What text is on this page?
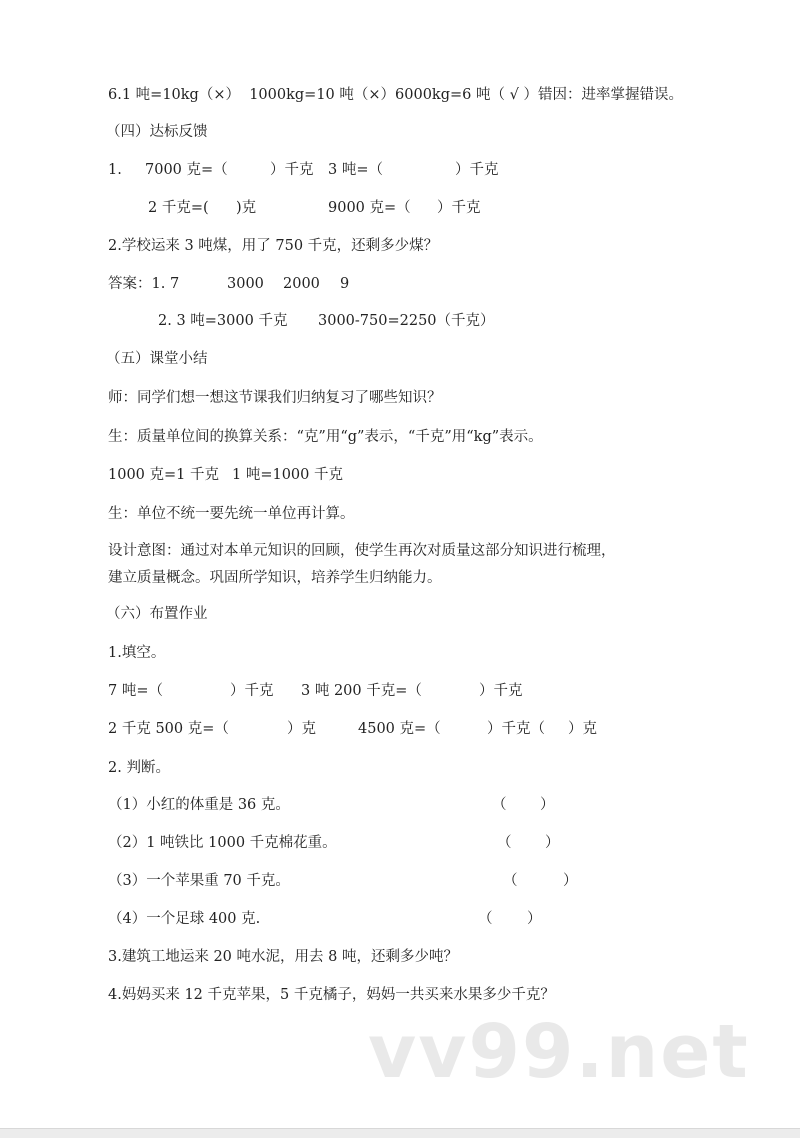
6.1 吨=10kg（×）  1000kg=10 吨（×）6000kg=6 吨（ √ ）错因：进率掌握错误。
（四）达标反馈
1. 7000 克=（	）千克 3 吨=（	）千克
2 千克=( )克	9000 克=（ ）千克
2.学校运来 3 吨煤，用了 750 千克，还剩多少煤？
答案：1. 7	3000 2000 9
2. 3 吨=3000 千克 3000-750=2250（千克）
（五）课堂小结
师：同学们想一想这节课我们归纳复习了哪些知识？
生：质量单位间的换算关系：“克”用“g”表示，“千克”用“kg”表示。
1000 克=1 千克 1 吨=1000 千克
生：单位不统一要先统一单位再计算。
设计意图：通过对本单元知识的回顾，使学生再次对质量这部分知识进行梳理，
建立质量概念。巩固所学知识，培养学生归纳能力。
（六）布置作业
1.填空。
7 吨=（	）千克 3 吨 200 千克=（	）千克
2 千克 500 克=（	）克	4500 克=（	）千克（ ）克
2. 判断。
（1）小红的体重是 36 克。	（ ）
（2）1 吨铁比 1000 千克棉花重。	（ ）
（3）一个苹果重 70 千克。	（	）
（4）一个足球 400 克.	（ ）
3.建筑工地运来 20 吨水泥，用去 8 吨，还剩多少吨？
4.妈妈买来 12 千克苹果，5 千克橘子，妈妈一共买来水果多少千克？
vv99.net
